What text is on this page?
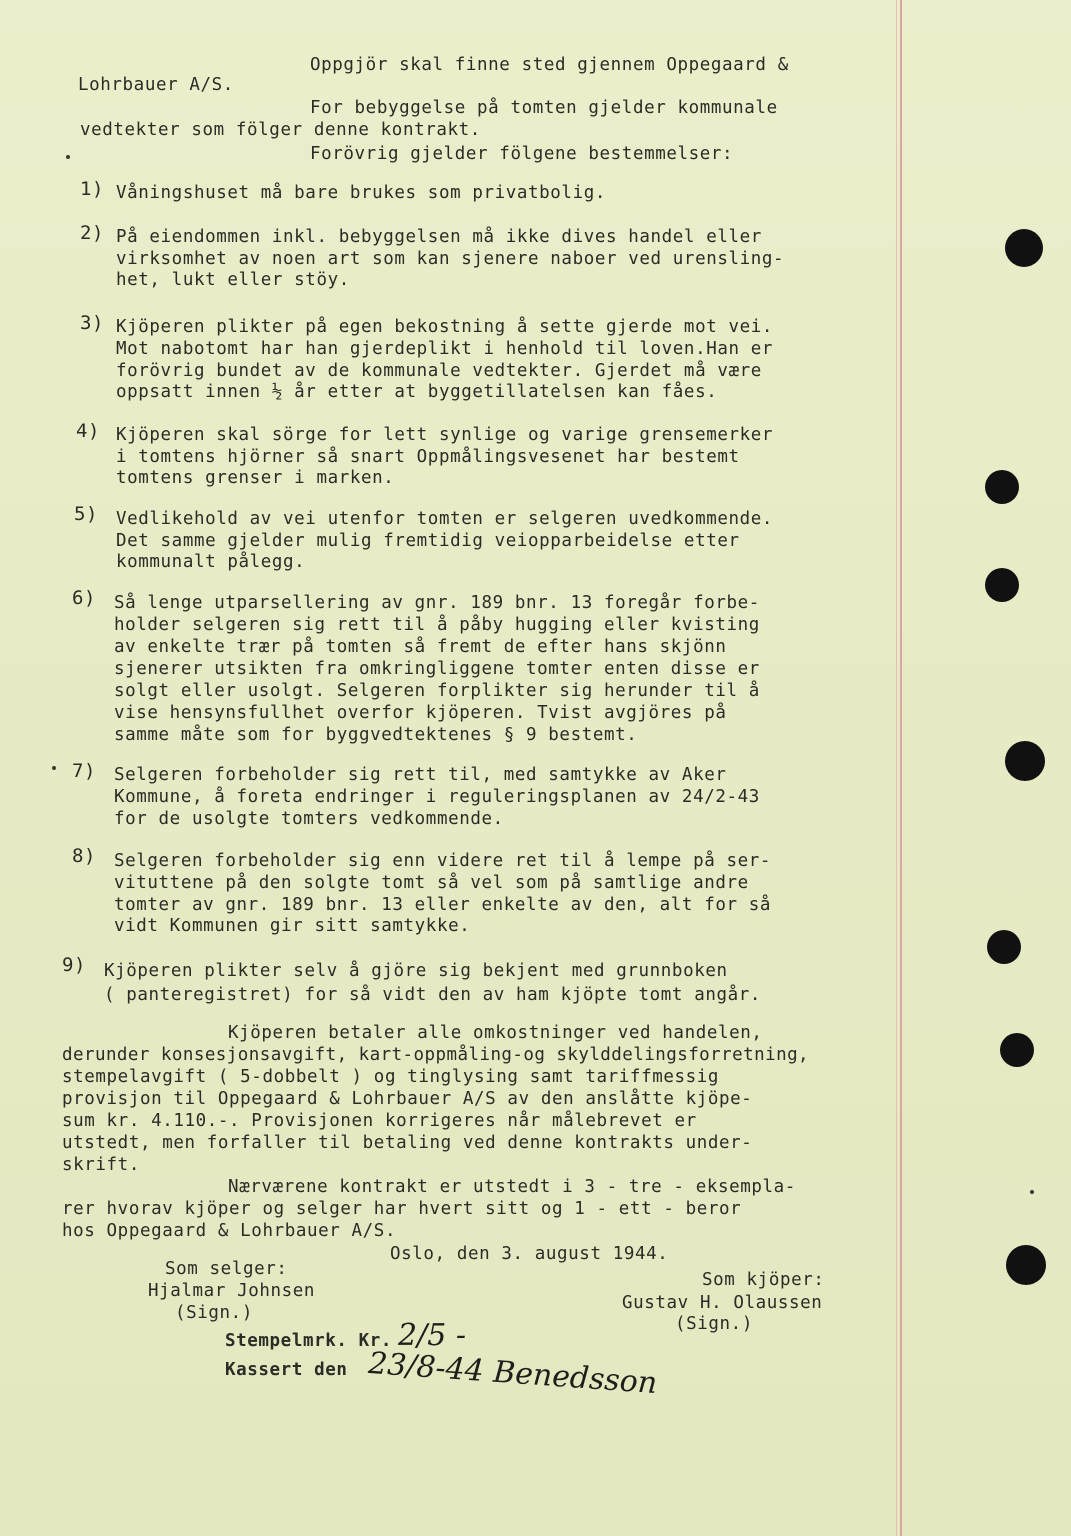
Oppgjör skal finne sted gjennem Oppegaard &
Lohrbauer A/S.
For bebyggelse på tomten gjelder kommunale
vedtekter som fölger denne kontrakt.
Forövrig gjelder fölgene bestemmelser:
1) Våningshuset må bare brukes som privatbolig.
2) På eiendommen inkl. bebyggelsen må ikke dives handel eller
virksomhet av noen art som kan sjenere naboer ved urensling-
het, lukt eller stöy.
3) Kjöperen plikter på egen bekostning å sette gjerde mot vei.
Mot nabotomt har han gjerdeplikt i henhold til loven.Han er
forövrig bundet av de kommunale vedtekter. Gjerdet må være
oppsatt innen ½ år etter at byggetillatelsen kan fåes.
4) Kjöperen skal sörge for lett synlige og varige grensemerker
i tomtens hjörner så snart Oppmålingsvesenet har bestemt
tomtens grenser i marken.
5) Vedlikehold av vei utenfor tomten er selgeren uvedkommende.
Det samme gjelder mulig fremtidig veiopparbeidelse etter
kommunalt pålegg.
6) Så lenge utparsellering av gnr. 189 bnr. 13 foregår forbe-
holder selgeren sig rett til å påby hugging eller kvisting
av enkelte trær på tomten så fremt de efter hans skjönn
sjenerer utsikten fra omkringliggene tomter enten disse er
solgt eller usolgt. Selgeren forplikter sig herunder til å
vise hensynsfullhet overfor kjöperen. Tvist avgjöres på
samme måte som for byggvedtektenes § 9 bestemt.
7) Selgeren forbeholder sig rett til, med samtykke av Aker
Kommune, å foreta endringer i reguleringsplanen av 24/2-43
for de usolgte tomters vedkommende.
8) Selgeren forbeholder sig enn videre ret til å lempe på ser-
vituttene på den solgte tomt så vel som på samtlige andre
tomter av gnr. 189 bnr. 13 eller enkelte av den, alt for så
vidt Kommunen gir sitt samtykke.
9) Kjöperen plikter selv å gjöre sig bekjent med grunnboken
( panteregistret) for så vidt den av ham kjöpte tomt angår.
Kjöperen betaler alle omkostninger ved handelen,
derunder konsesjonsavgift, kart-oppmåling-og skylddelingsforretning,
stempelavgift ( 5-dobbelt ) og tinglysing samt tariffmessig
provisjon til Oppegaard & Lohrbauer A/S av den anslåtte kjöpe-
sum kr. 4.110.-. Provisjonen korrigeres når målebrevet er
utstedt, men forfaller til betaling ved denne kontrakts under-
skrift.
Nærværene kontrakt er utstedt i 3 - tre - eksempla-
rer hvorav kjöper og selger har hvert sitt og 1 - ett - beror
hos Oppegaard & Lohrbauer A/S.
Oslo, den 3. august 1944.
Som selger:
Hjalmar Johnsen
(Sign.)
Som kjöper:
Gustav H. Olaussen
(Sign.)
Stempelmrk. Kr. 2/5 -
Kassert den 23/8-44 Benedsson
